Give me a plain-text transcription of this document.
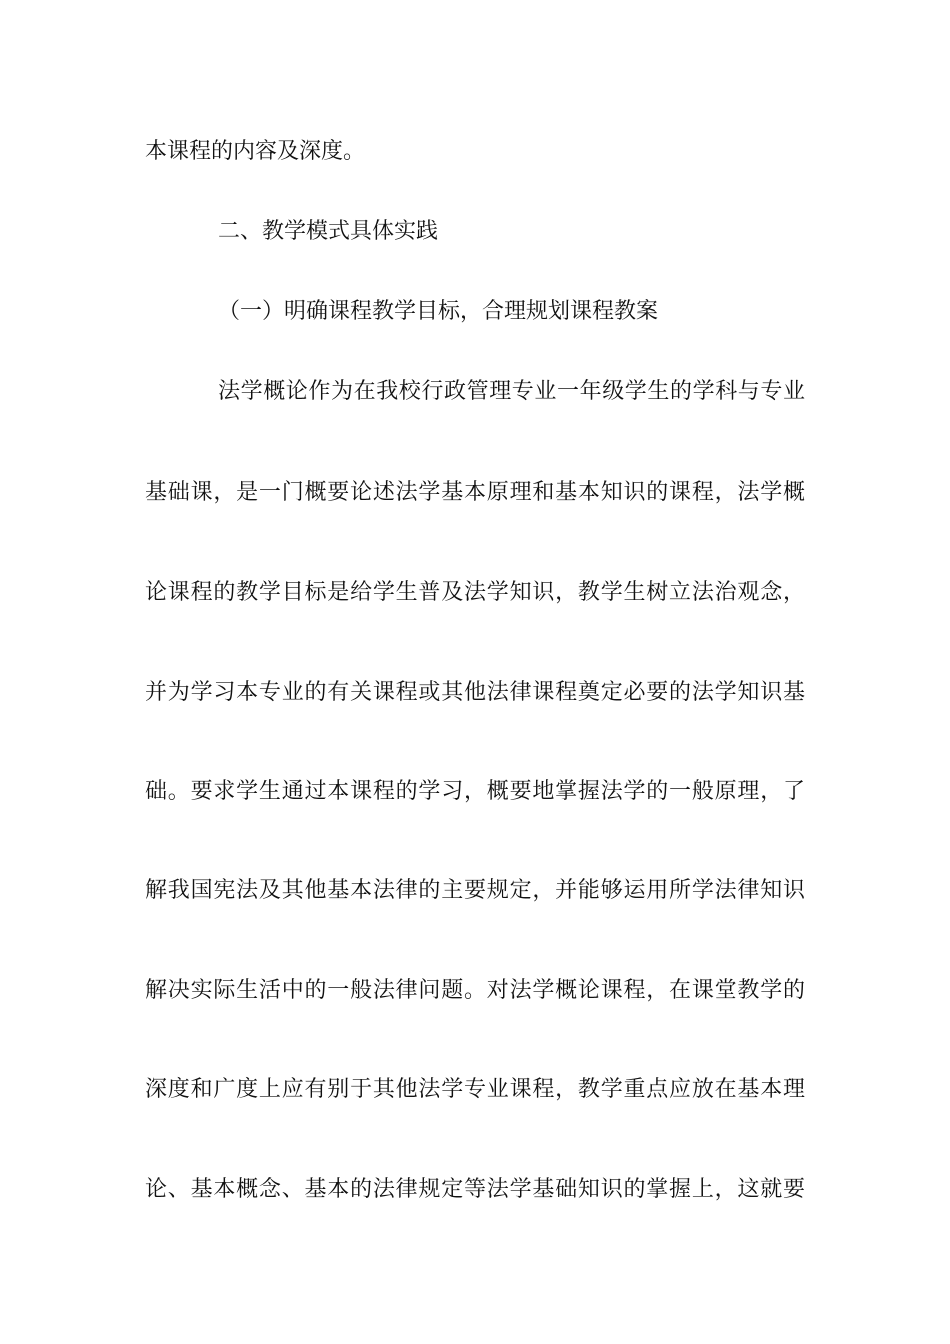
本课程的内容及深度。
二、教学模式具体实践
（一）明确课程教学目标，合理规划课程教案
法学概论作为在我校行政管理专业一年级学生的学科与专业
基础课，是一门概要论述法学基本原理和基本知识的课程，法学概
论课程的教学目标是给学生普及法学知识，教学生树立法治观念，
并为学习本专业的有关课程或其他法律课程奠定必要的法学知识基
础。要求学生通过本课程的学习，概要地掌握法学的一般原理，了
解我国宪法及其他基本法律的主要规定，并能够运用所学法律知识
解决实际生活中的一般法律问题。对法学概论课程，在课堂教学的
深度和广度上应有别于其他法学专业课程，教学重点应放在基本理
论、基本概念、基本的法律规定等法学基础知识的掌握上，这就要
